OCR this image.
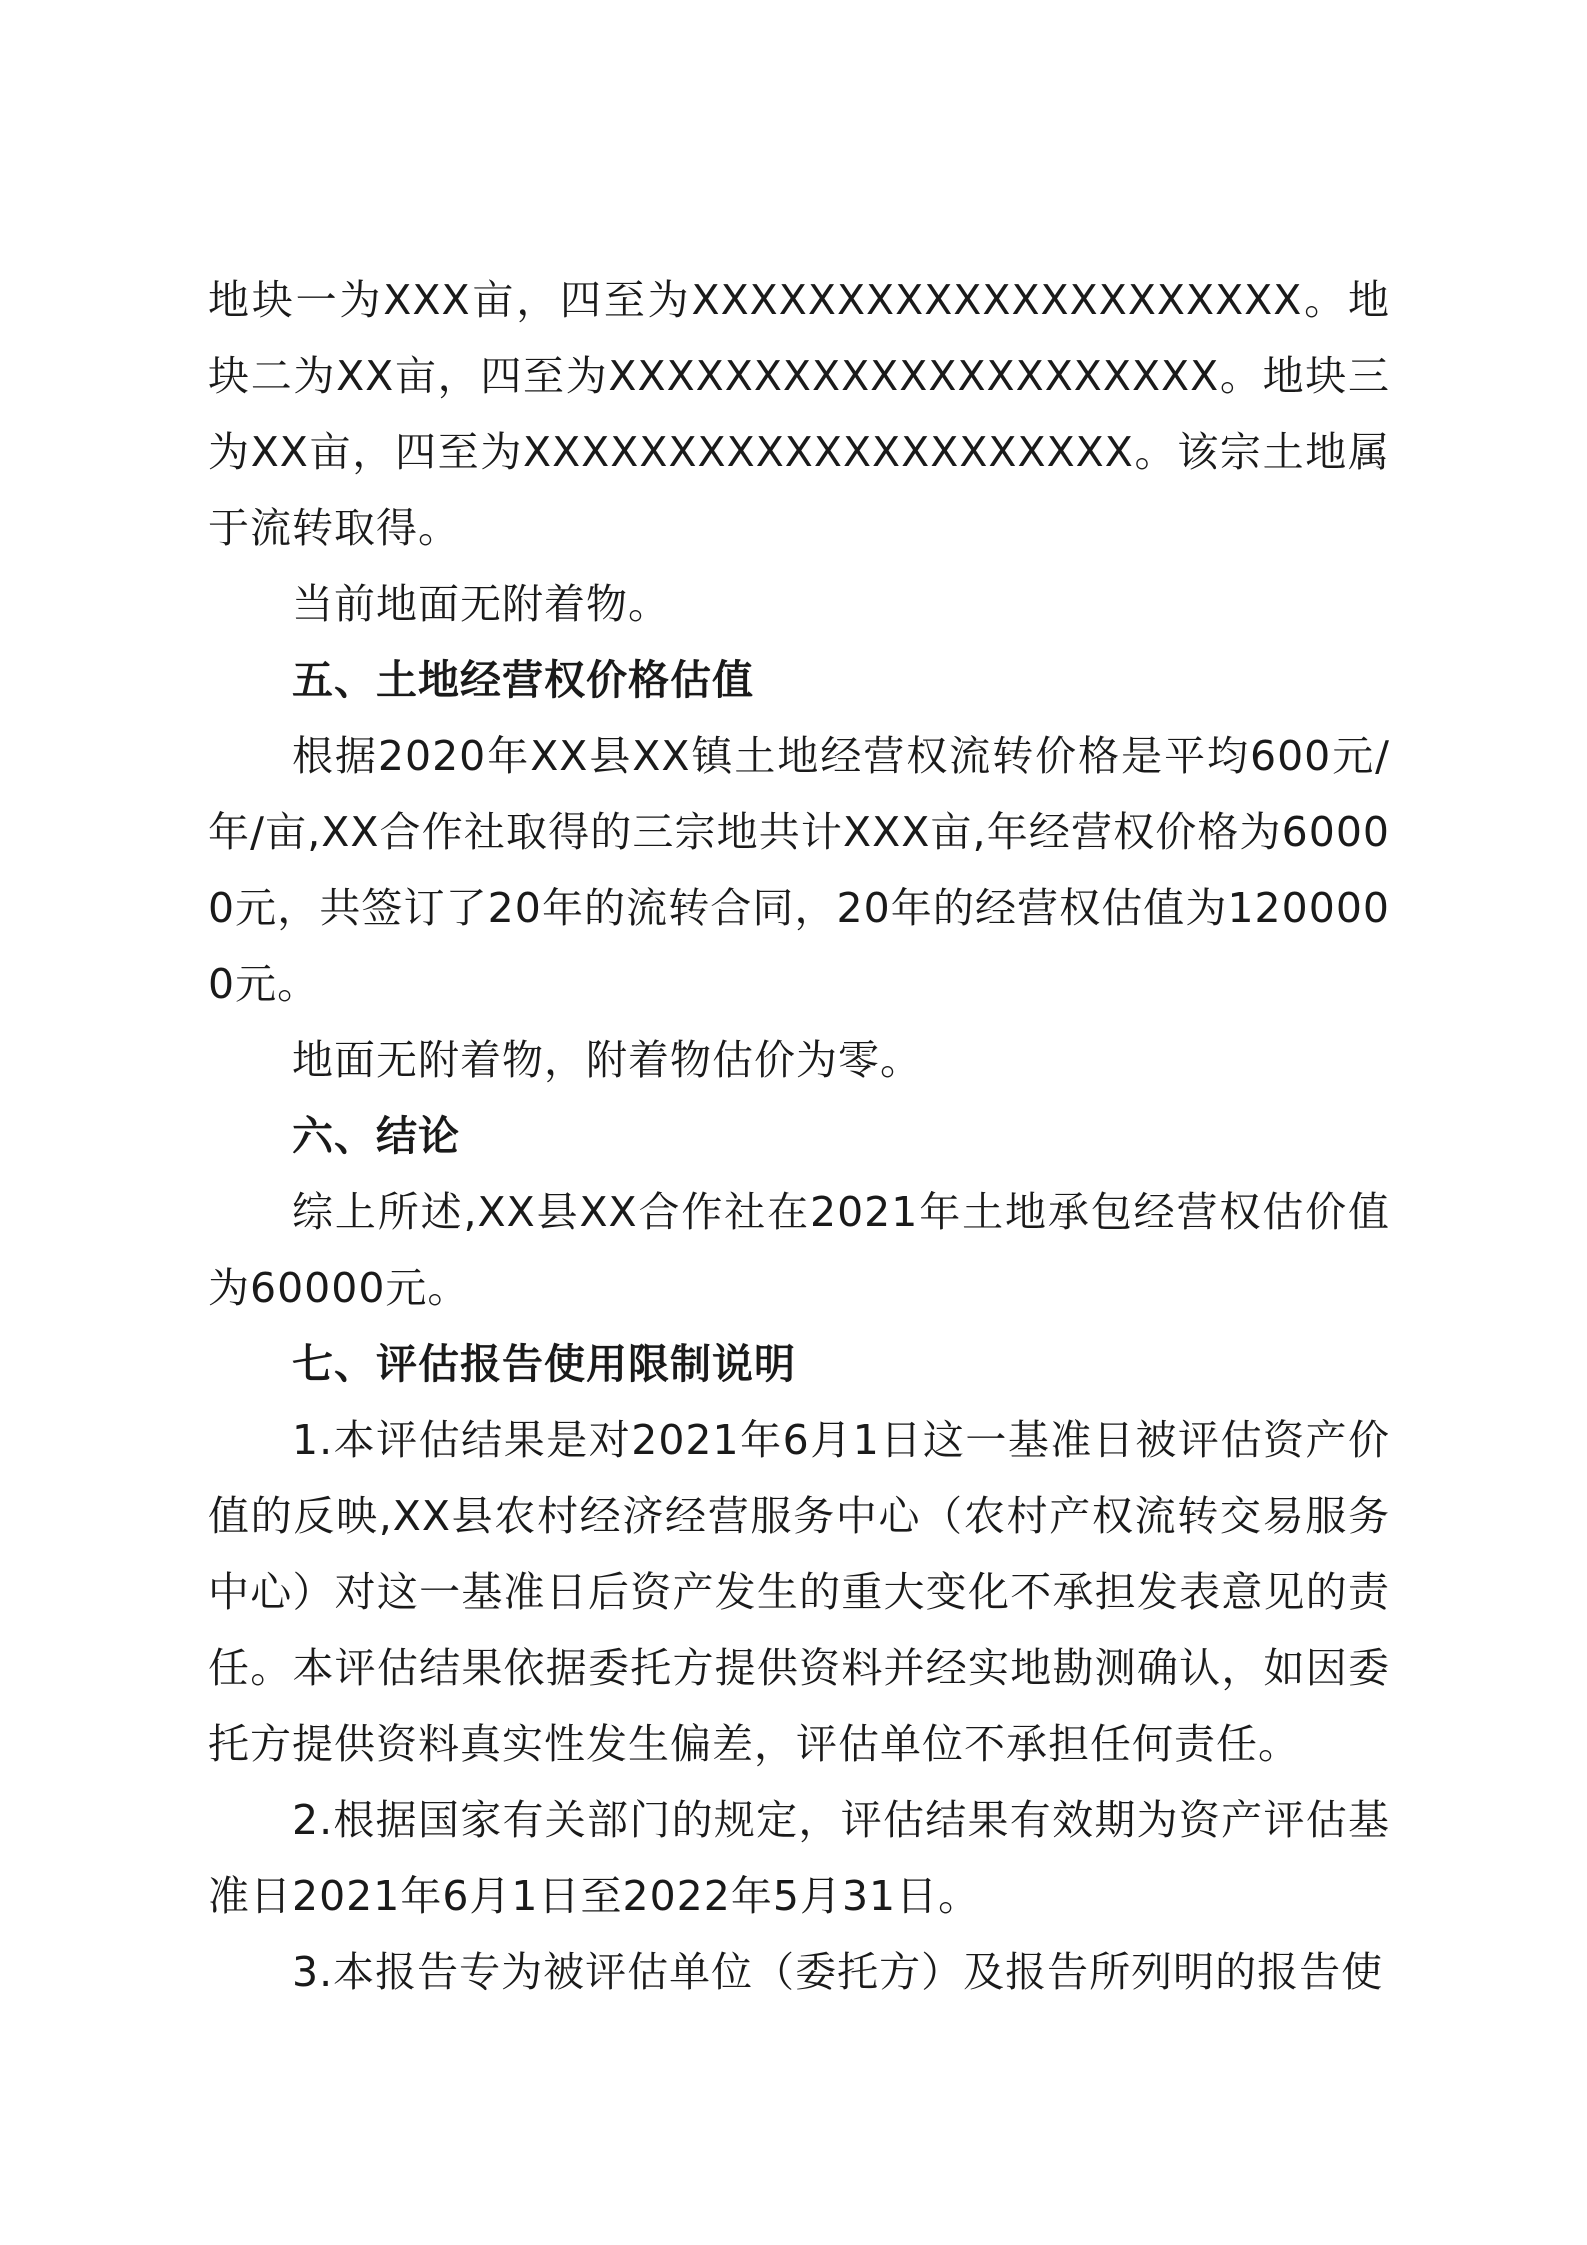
地块一为XXX亩，四至为XXXXXXXXXXXXXXXXXXXXX。地块二为XX亩，四至为XXXXXXXXXXXXXXXXXXXXX。地块三为XX亩，四至为XXXXXXXXXXXXXXXXXXXXX。该宗土地属于流转取得。

当前地面无附着物。

五、土地经营权价格估值

根据2020年XX县XX镇土地经营权流转价格是平均600元/年/亩,XX合作社取得的三宗地共计XXX亩,年经营权价格为60000元，共签订了20年的流转合同，20年的经营权估值为1200000元。

地面无附着物，附着物估价为零。

六、结论

综上所述,XX县XX合作社在2021年土地承包经营权估价值为60000元。

七、评估报告使用限制说明

1.本评估结果是对2021年6月1日这一基准日被评估资产价值的反映,XX县农村经济经营服务中心（农村产权流转交易服务中心）对这一基准日后资产发生的重大变化不承担发表意见的责任。本评估结果依据委托方提供资料并经实地勘测确认，如因委托方提供资料真实性发生偏差，评估单位不承担任何责任。

2.根据国家有关部门的规定，评估结果有效期为资产评估基准日2021年6月1日至2022年5月31日。

3.本报告专为被评估单位（委托方）及报告所列明的报告使
